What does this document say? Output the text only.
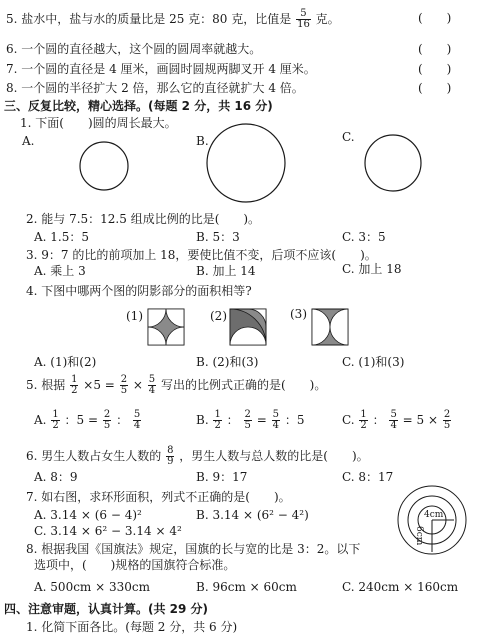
5. 盐水中，盐与水的质量比是 25 克：80 克，比值是 $\frac{5}{16}$ 克。	(　　)
6. 一个圆的直径越大，这个圆的圆周率就越大。	(　　)
7. 一个圆的直径是 4 厘米，画圆时圆规两脚叉开 4 厘米。	(　　)
8. 一个圆的半径扩大 2 倍，那么它的直径就扩大 4 倍。	(　　)
三、反复比较，精心选择。(每题 2 分，共 16 分)
1. 下面(　　)圆的周长最大。
A.	B.	C.
2. 能与 7.5：12.5 组成比例的比是(　　)。
A. 1.5：5	B. 5：3	C. 3：5
3. 9：7 的比的前项加上 18，要使比值不变，后项不应该(　　)。
A. 乘上 3	B. 加上 14	C. 加上 18
4. 下图中哪两个图的阴影部分的面积相等?
(1)	(2)	(3)
A. (1)和(2)	B. (2)和(3)	C. (1)和(3)
5. 根据 $\frac{1}{2} \times 5 = \frac{2}{5} \times \frac{5}{4}$ 写出的比例式正确的是(　　)。
A. $\frac{1}{2}$ ：$5 = \frac{2}{5}$ ： $\frac{5}{4}$	B. $\frac{1}{2}$ ： $\frac{2}{5} = \frac{5}{4}$ ：5	C. $\frac{1}{2}$ ： $\frac{5}{4} = 5 \times \frac{2}{5}$
6. 男生人数占女生人数的 $\frac{8}{9}$ ，男生人数与总人数的比是(　　)。
A. 8：9	B. 9：17	C. 8：17
7. 如右图，求环形面积，列式不正确的是(　　)。
A. 3.14 × (6 − 4)²	B. 3.14 × (6² − 4²)
C. 3.14 × 6² − 3.14 × 4²
4cm
6cm
8. 根据我国《国旗法》规定，国旗的长与宽的比是 3：2。以下
选项中，(　　)规格的国旗符合标准。
A. 500cm × 330cm	B. 96cm × 60cm	C. 240cm × 160cm
四、注意审题，认真计算。(共 29 分)
1. 化简下面各比。(每题 2 分，共 6 分)
